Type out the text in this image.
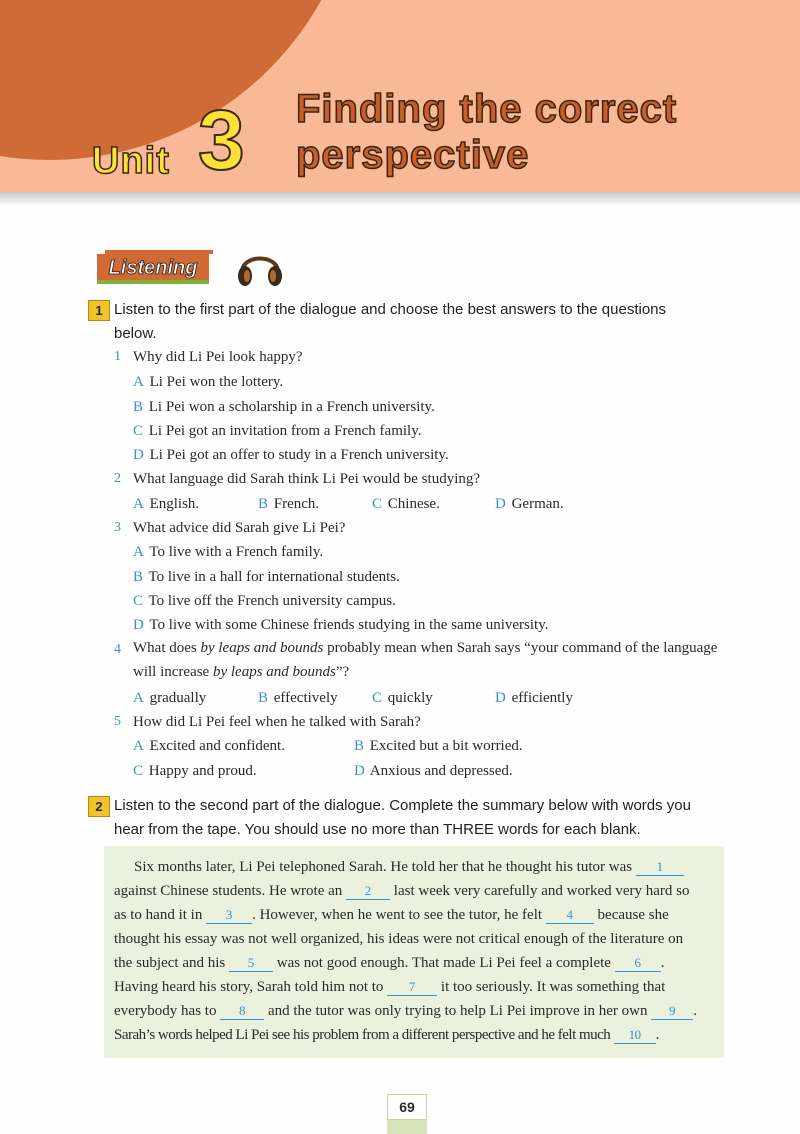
Unit 3 Finding the correct
perspective
Listening
1 Listen to the first part of the dialogue and choose the best answers to the questions
below.
1 Why did Li Pei look happy?
A Li Pei won the lottery.
B Li Pei won a scholarship in a French university.
C Li Pei got an invitation from a French family.
D Li Pei got an offer to study in a French university.
2 What language did Sarah think Li Pei would be studying?
A English.	B French.	C Chinese.	D German.
3 What advice did Sarah give Li Pei?
A To live with a French family.
B To live in a hall for international students.
C To live off the French university campus.
D To live with some Chinese friends studying in the same university.
4 What does by leaps and bounds probably mean when Sarah says “your command of the language will increase by leaps and bounds”?
A gradually	B effectively C quickly	D efficiently
5 How did Li Pei feel when he talked with Sarah?
A Excited and confident.	B Excited but a bit worried.
C Happy and proud.	D Anxious and depressed.
2 Listen to the second part of the dialogue. Complete the summary below with words you
hear from the tape. You should use no more than THREE words for each blank.
Six months later, Li Pei telephoned Sarah. He told her that he thought his tutor was 1
against Chinese students. He wrote an 2 last week very carefully and worked very hard so
as to hand it in 3 . However, when he went to see the tutor, he felt 4 because she
thought his essay was not well organized, his ideas were not critical enough of the literature on
the subject and his 5 was not good enough. That made Li Pei feel a complete 6 .
Having heard his story, Sarah told him not to 7 it too seriously. It was something that
everybody has to 8 and the tutor was only trying to help Li Pei improve in her own 9 .
Sarah’s words helped Li Pei see his problem from a different perspective and he felt much 10 .
69
